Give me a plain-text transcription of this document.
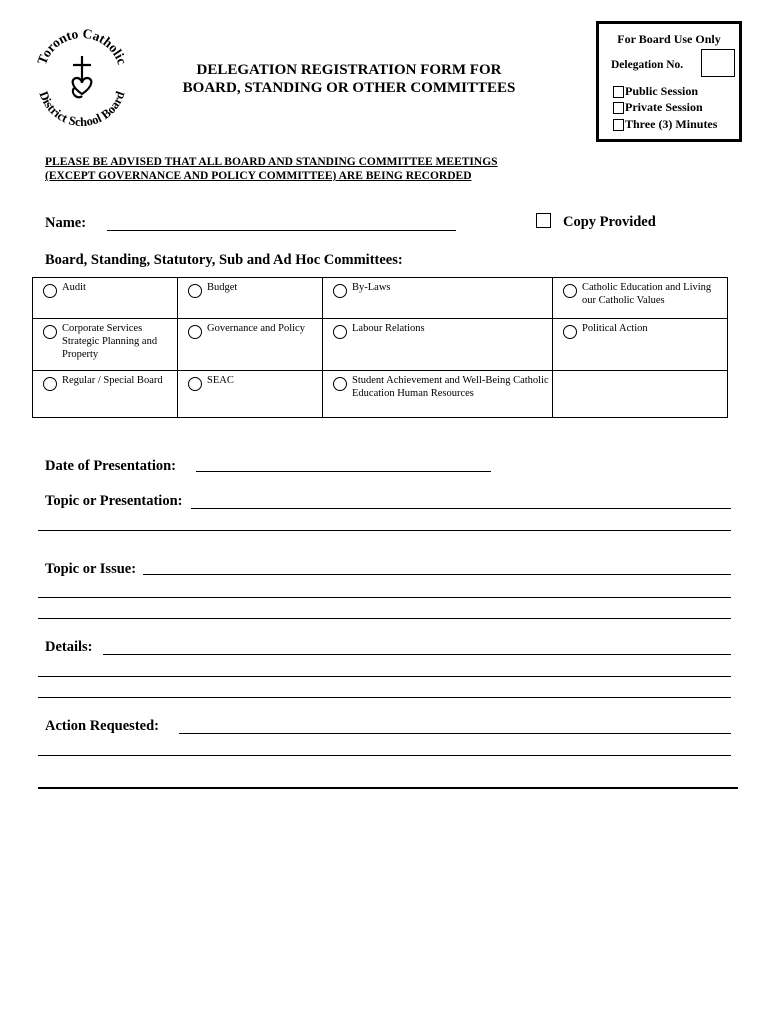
Toronto Catholic
District School Board
DELEGATION REGISTRATION FORM FOR
BOARD, STANDING OR OTHER COMMITTEES
For Board Use Only
Delegation No.
Public Session
Private Session
Three (3) Minutes
PLEASE BE ADVISED THAT ALL BOARD AND STANDING COMMITTEE MEETINGS
(EXCEPT GOVERNANCE AND POLICY COMMITTEE) ARE BEING RECORDED
Name:	Copy Provided
Board, Standing, Statutory, Sub and Ad Hoc Committees:
Audit	Budget	By-Laws	Catholic Education and Living our Catholic Values

Corporate Services Strategic Planning and Property	Governance and Policy	Labour Relations	Political Action

Regular / Special Board	SEAC	Student Achievement and Well-Being Catholic Education Human Resources	

Date of Presentation:
Topic or Presentation:
Topic or Issue:
Details:
Action Requested:
